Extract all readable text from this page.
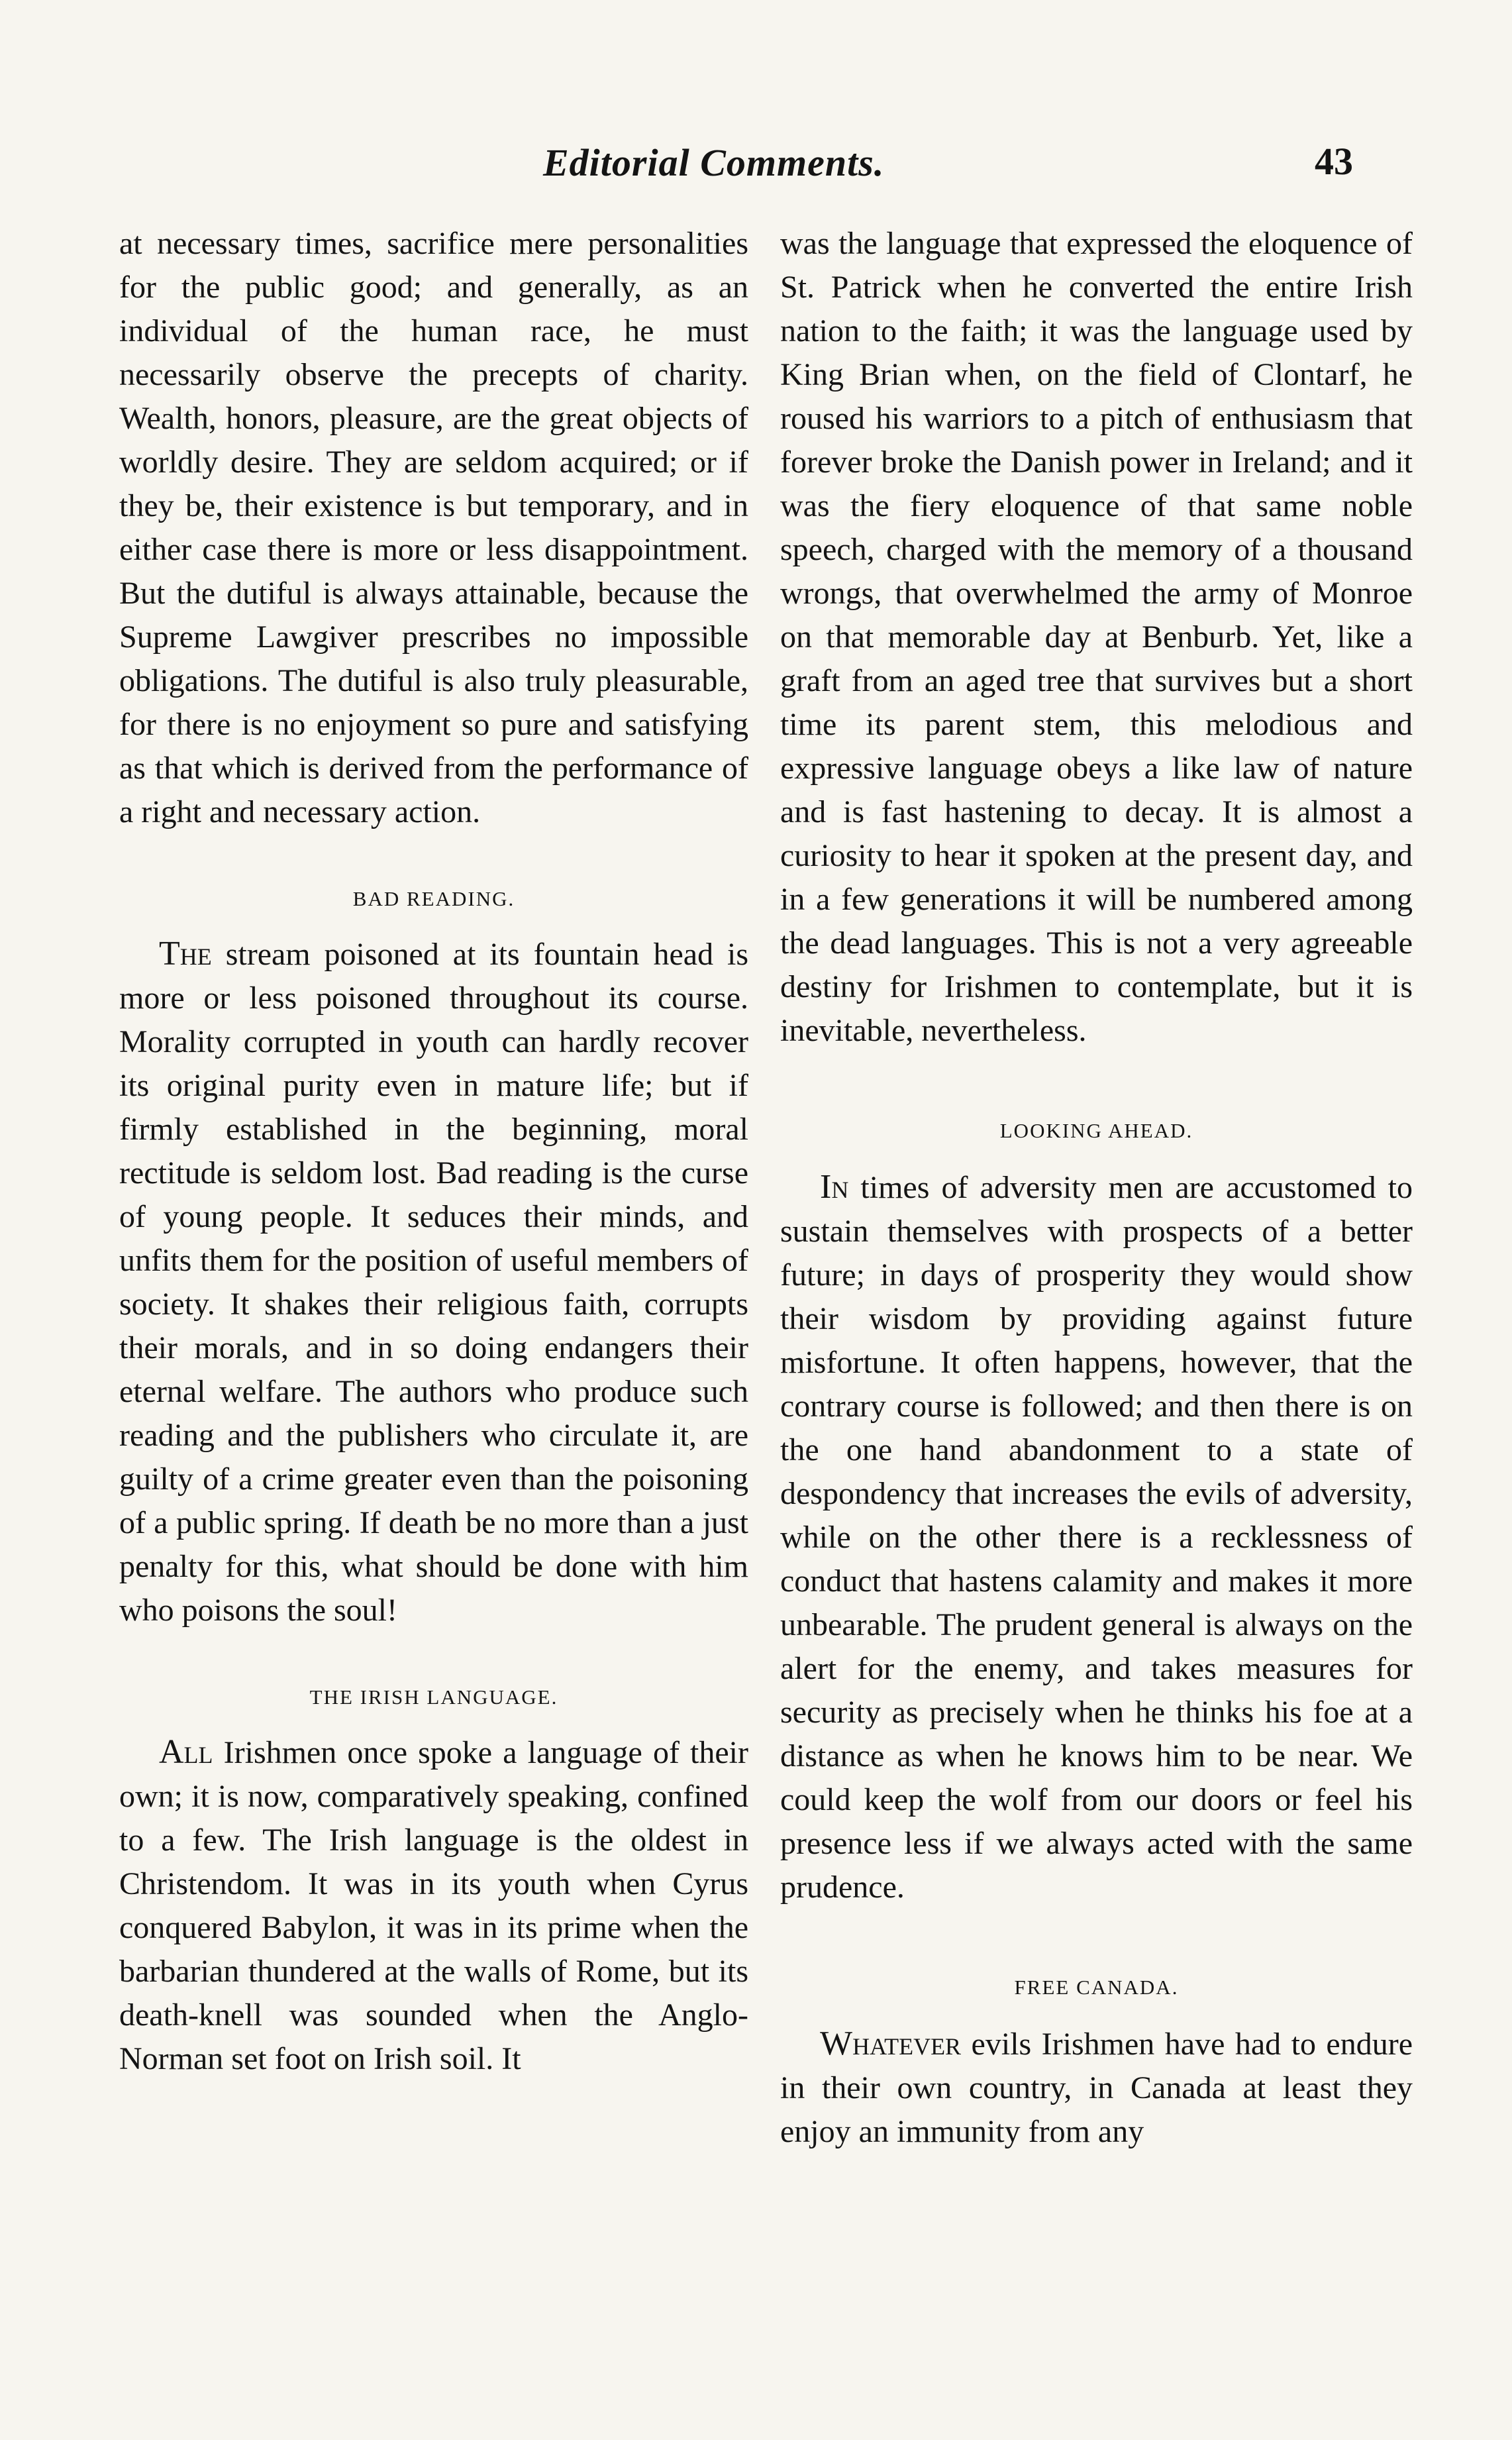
Editorial Comments.	43

at necessary times, sacrifice mere personalities for the public good; and generally, as an individual of the human race, he must necessarily observe the precepts of charity. Wealth, honors, pleasure, are the great objects of worldly desire. They are seldom acquired; or if they be, their existence is but temporary, and in either case there is more or less disappointment. But the dutiful is always attainable, because the Supreme Lawgiver prescribes no impossible obligations. The dutiful is also truly pleasurable, for there is no enjoyment so pure and satisfying as that which is derived from the performance of a right and necessary action.

BAD READING.

The stream poisoned at its fountain head is more or less poisoned throughout its course. Morality corrupted in youth can hardly recover its original purity even in mature life; but if firmly established in the beginning, moral rectitude is seldom lost. Bad reading is the curse of young people. It seduces their minds, and unfits them for the position of useful members of society. It shakes their religious faith, corrupts their morals, and in so doing endangers their eternal welfare. The authors who produce such reading and the publishers who circulate it, are guilty of a crime greater even than the poisoning of a public spring. If death be no more than a just penalty for this, what should be done with him who poisons the soul!

THE IRISH LANGUAGE.

All Irishmen once spoke a language of their own; it is now, comparatively speaking, confined to a few. The Irish language is the oldest in Christendom. It was in its youth when Cyrus conquered Babylon, it was in its prime when the barbarian thundered at the walls of Rome, but its death-knell was sounded when the Anglo-Norman set foot on Irish soil. It

was the language that expressed the eloquence of St. Patrick when he converted the entire Irish nation to the faith; it was the language used by King Brian when, on the field of Clontarf, he roused his warriors to a pitch of enthusiasm that forever broke the Danish power in Ireland; and it was the fiery eloquence of that same noble speech, charged with the memory of a thousand wrongs, that overwhelmed the army of Monroe on that memorable day at Benburb. Yet, like a graft from an aged tree that survives but a short time its parent stem, this melodious and expressive language obeys a like law of nature and is fast hastening to decay. It is almost a curiosity to hear it spoken at the present day, and in a few generations it will be numbered among the dead languages. This is not a very agreeable destiny for Irishmen to contemplate, but it is inevitable, nevertheless.

LOOKING AHEAD.

In times of adversity men are accustomed to sustain themselves with prospects of a better future; in days of prosperity they would show their wisdom by providing against future misfortune. It often happens, however, that the contrary course is followed; and then there is on the one hand abandonment to a state of despondency that increases the evils of adversity, while on the other there is a recklessness of conduct that hastens calamity and makes it more unbearable. The prudent general is always on the alert for the enemy, and takes measures for security as precisely when he thinks his foe at a distance as when he knows him to be near. We could keep the wolf from our doors or feel his presence less if we always acted with the same prudence.

FREE CANADA.

Whatever evils Irishmen have had to endure in their own country, in Canada at least they enjoy an immunity from any
